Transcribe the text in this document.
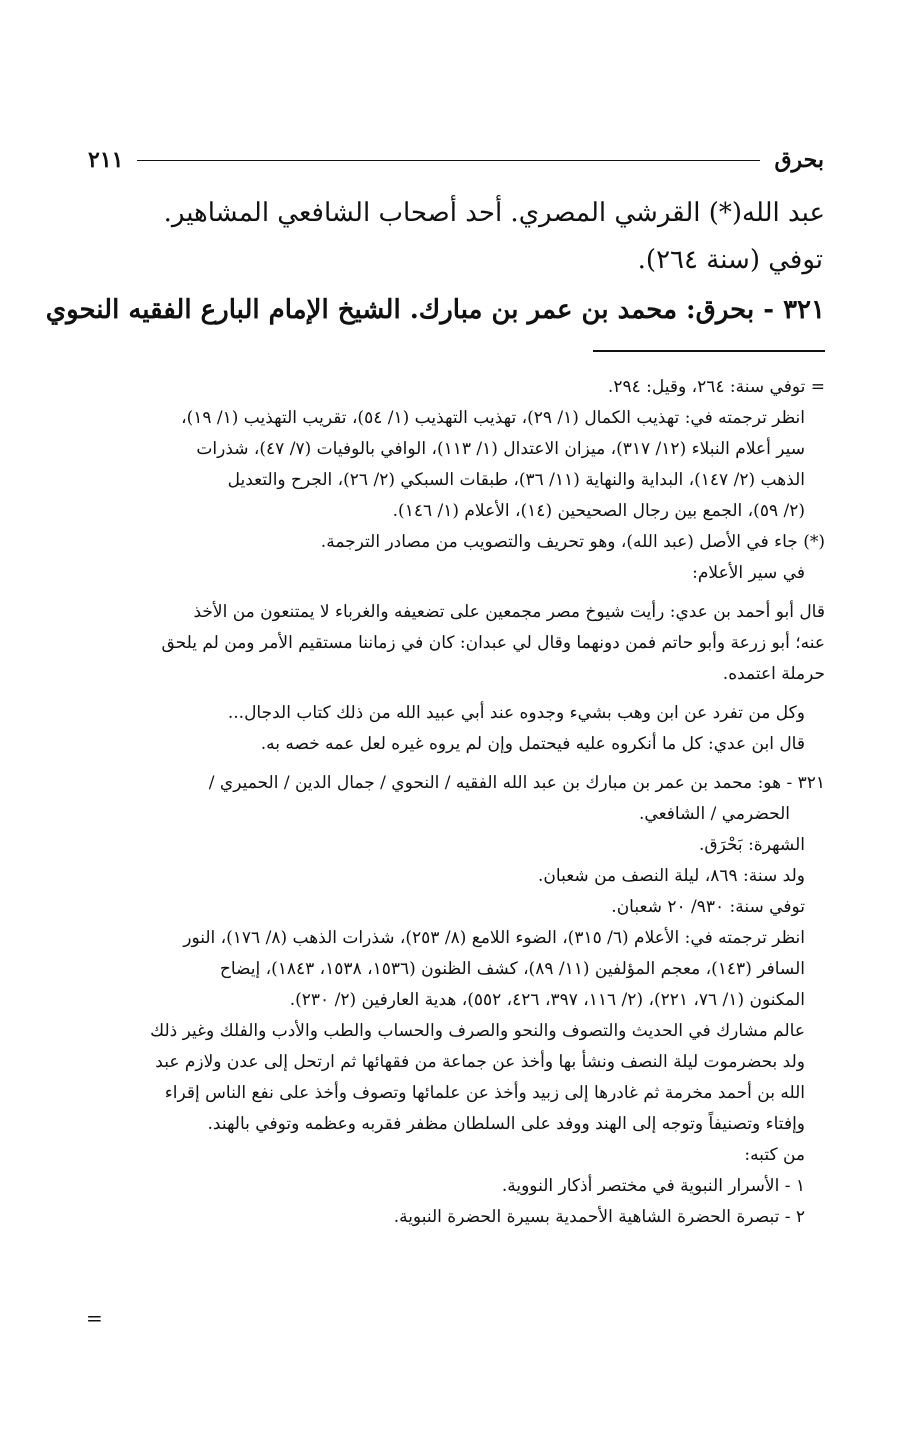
بحرق
٢١١

عبد الله(*) القرشي المصري. أحد أصحاب الشافعي المشاهير.

توفي (سنة ٢٦٤).

٣٢١ - بحرق: محمد بن عمر بن مبارك. الشيخ الإمام البارع الفقيه النحوي

= توفي سنة: ٢٦٤، وقيل: ٢٩٤.

انظر ترجمته في: تهذيب الكمال (١/ ٢٩)، تهذيب التهذيب (١/ ٥٤)، تقريب التهذيب (١/ ١٩)،

سير أعلام النبلاء (١٢/ ٣١٧)، ميزان الاعتدال (١/ ١١٣)، الوافي بالوفيات (٧/ ٤٧)، شذرات

الذهب (٢/ ١٤٧)، البداية والنهاية (١١/ ٣٦)، طبقات السبكي (٢/ ٢٦)، الجرح والتعديل

(٢/ ٥٩)، الجمع بين رجال الصحيحين (١٤)، الأعلام (١/ ١٤٦).

(*) جاء في الأصل (عبد الله)، وهو تحريف والتصويب من مصادر الترجمة.

في سير الأعلام:

قال أبو أحمد بن عدي: رأيت شيوخ مصر مجمعين على تضعيفه والغرباء لا يمتنعون من الأخذ

عنه؛ أبو زرعة وأبو حاتم فمن دونهما وقال لي عبدان: كان في زماننا مستقيم الأمر ومن لم يلحق

حرملة اعتمده.

وكل من تفرد عن ابن وهب بشيء وجدوه عند أبي عبيد الله من ذلك كتاب الدجال...

قال ابن عدي: كل ما أنكروه عليه فيحتمل وإن لم يروه غيره لعل عمه خصه به.

٣٢١ - هو: محمد بن عمر بن مبارك بن عبد الله الفقيه / النحوي / جمال الدين / الحميري /

الحضرمي / الشافعي.

الشهرة: بَحْرَق.

ولد سنة: ٨٦٩، ليلة النصف من شعبان.

توفي سنة: ٩٣٠/ ٢٠ شعبان.

انظر ترجمته في: الأعلام (٦/ ٣١٥)، الضوء اللامع (٨/ ٢٥٣)، شذرات الذهب (٨/ ١٧٦)، النور

السافر (١٤٣)، معجم المؤلفين (١١/ ٨٩)، كشف الظنون (١٥٣٦، ١٥٣٨، ١٨٤٣)، إيضاح

المكنون (١/ ٧٦، ٢٢١)، (٢/ ١١٦، ٣٩٧، ٤٢٦، ٥٥٢)، هدية العارفين (٢/ ٢٣٠).

عالم مشارك في الحديث والتصوف والنحو والصرف والحساب والطب والأدب والفلك وغير ذلك

ولد بحضرموت ليلة النصف ونشأ بها وأخذ عن جماعة من فقهائها ثم ارتحل إلى عدن ولازم عبد

الله بن أحمد مخرمة ثم غادرها إلى زبيد وأخذ عن علمائها وتصوف وأخذ على نفع الناس إقراء

وإفتاء وتصنيفاً وتوجه إلى الهند ووفد على السلطان مظفر فقربه وعظمه وتوفي بالهند.

من كتبه:

١ - الأسرار النبوية في مختصر أذكار النووية.

٢ - تبصرة الحضرة الشاهية الأحمدية بسيرة الحضرة النبوية.

=
